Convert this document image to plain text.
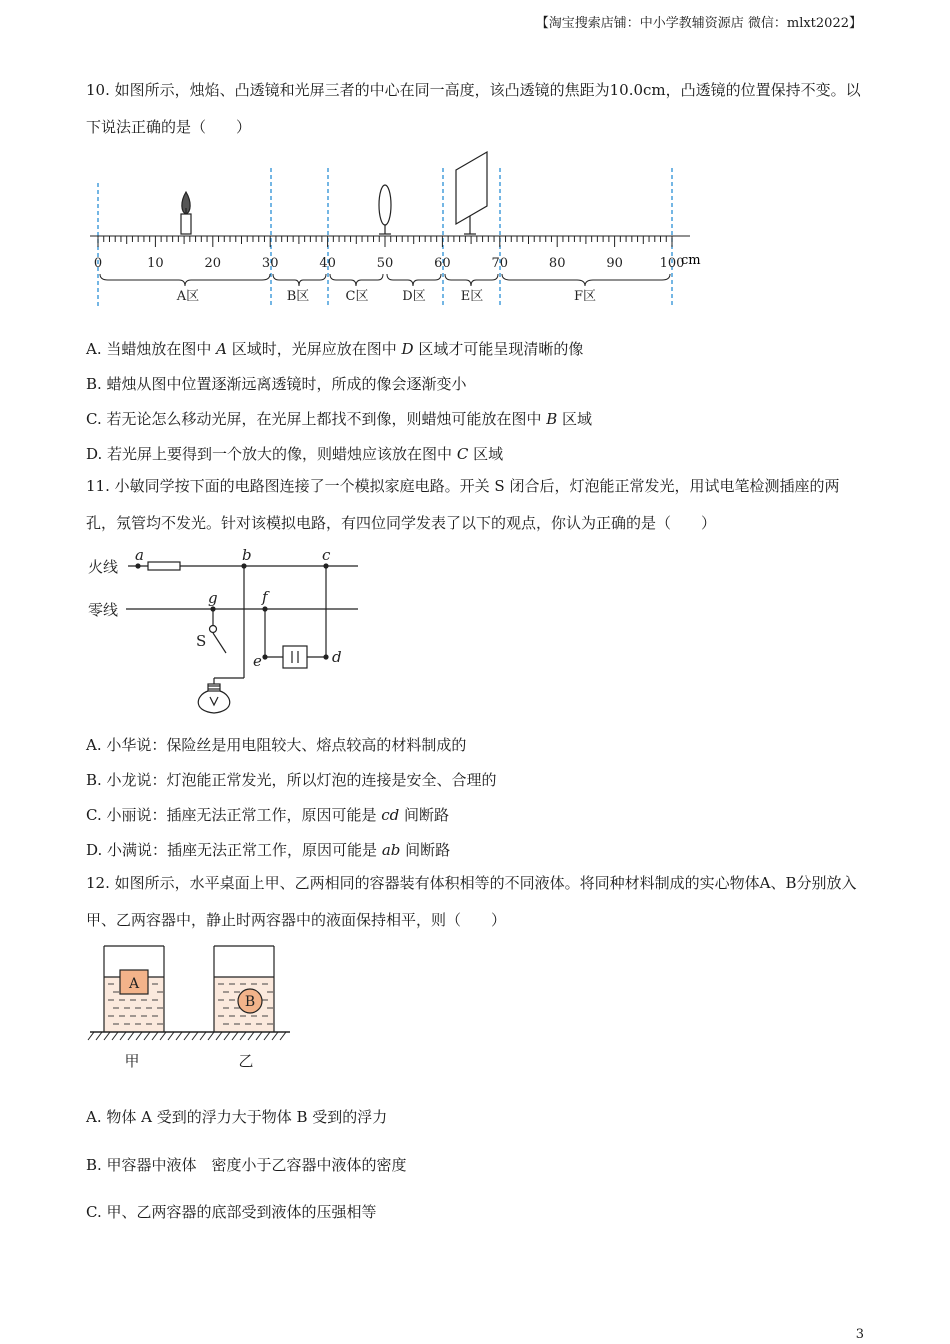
【淘宝搜索店铺：中小学教辅资源店 微信：mlxt2022】
10. 如图所示，烛焰、凸透镜和光屏三者的中心在同一高度，该凸透镜的焦距为10.0cm，凸透镜的位置保持不变。以下说法正确的是（　　）
0	10	20	30	40	50	60	70	80	90	100
cm
A区	B区	C区	D区	E区	F区
A. 当蜡烛放在图中 A 区域时，光屏应放在图中 D 区域才可能呈现清晰的像
B. 蜡烛从图中位置逐渐远离透镜时，所成的像会逐渐变小
C. 若无论怎么移动光屏，在光屏上都找不到像，则蜡烛可能放在图中 B 区域
D. 若光屏上要得到一个放大的像，则蜡烛应该放在图中 C 区域
11. 小敏同学按下面的电路图连接了一个模拟家庭电路。开关 S 闭合后，灯泡能正常发光，用试电笔检测插座的两孔，氖管均不发光。针对该模拟电路，有四位同学发表了以下的观点，你认为正确的是（　　）
火线
零线
a	b	c
g	f
e	d
S
A. 小华说：保险丝是用电阻较大、熔点较高的材料制成的
B. 小龙说：灯泡能正常发光，所以灯泡的连接是安全、合理的
C. 小丽说：插座无法正常工作，原因可能是 cd 间断路
D. 小满说：插座无法正常工作，原因可能是 ab 间断路
12. 如图所示，水平桌面上甲、乙两相同的容器装有体积相等的不同液体。将同种材料制成的实心物体A、B分别放入甲、乙两容器中，静止时两容器中的液面保持相平，则（　　）
A
B
甲	乙
A. 物体 A 受到的浮力大于物体 B 受到的浮力
B. 甲容器中液体　密度小于乙容器中液体的密度
C. 甲、乙两容器的底部受到液体的压强相等
3
